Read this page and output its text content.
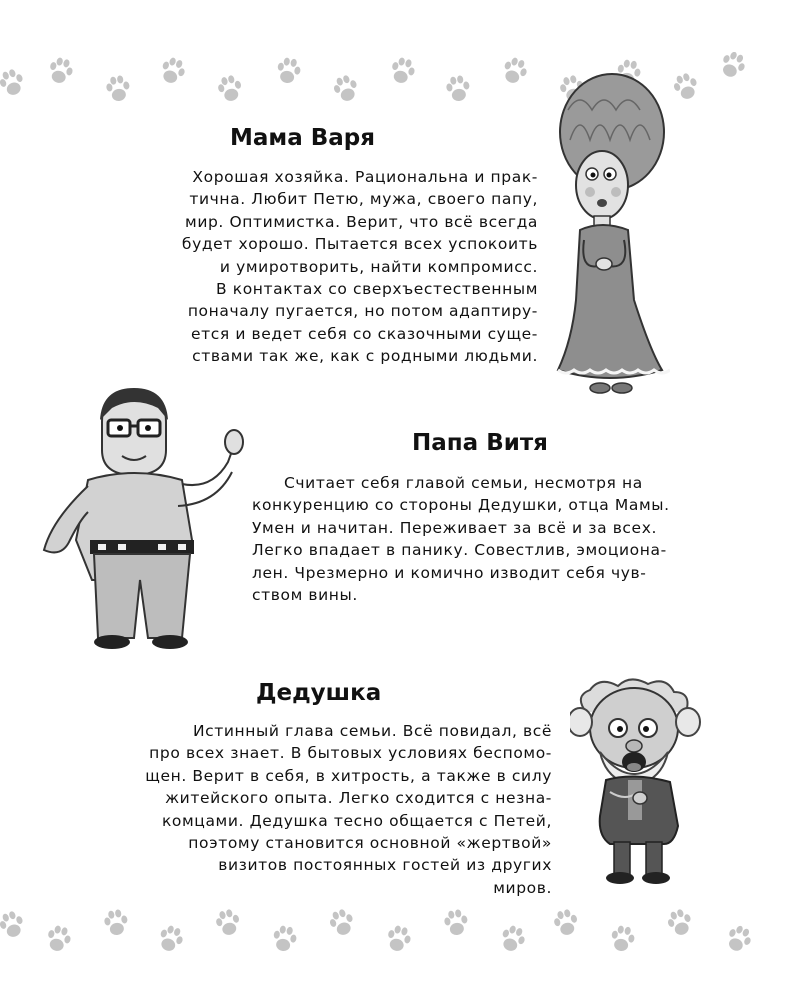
Мама Варя

Хорошая хозяйка. Рациональна и прак-
тична. Любит Петю, мужа, своего папу,
мир. Оптимистка. Верит, что всё всегда
будет хорошо. Пытается всех успокоить
и умиротворить, найти компромисс.
В контактах со сверхъестественным
поначалу пугается, но потом адаптиру-
ется и ведет себя со сказочными суще-
ствами так же, как с родными людьми.

Папа Витя

Считает себя главой семьи, несмотря на
конкуренцию со стороны Дедушки, отца Мамы.
Умен и начитан. Переживает за всё и за всех.
Легко впадает в панику. Совестлив, эмоциона-
лен. Чрезмерно и комично изводит себя чув-
ством вины.

Дедушка

Истинный глава семьи. Всё повидал, всё
про всех знает. В бытовых условиях беспомо-
щен. Верит в себя, в хитрость, а также в силу
житейского опыта. Легко сходится с незна-
комцами. Дедушка тесно общается с Петей,
поэтому становится основной «жертвой»
визитов постоянных гостей из других
миров.
